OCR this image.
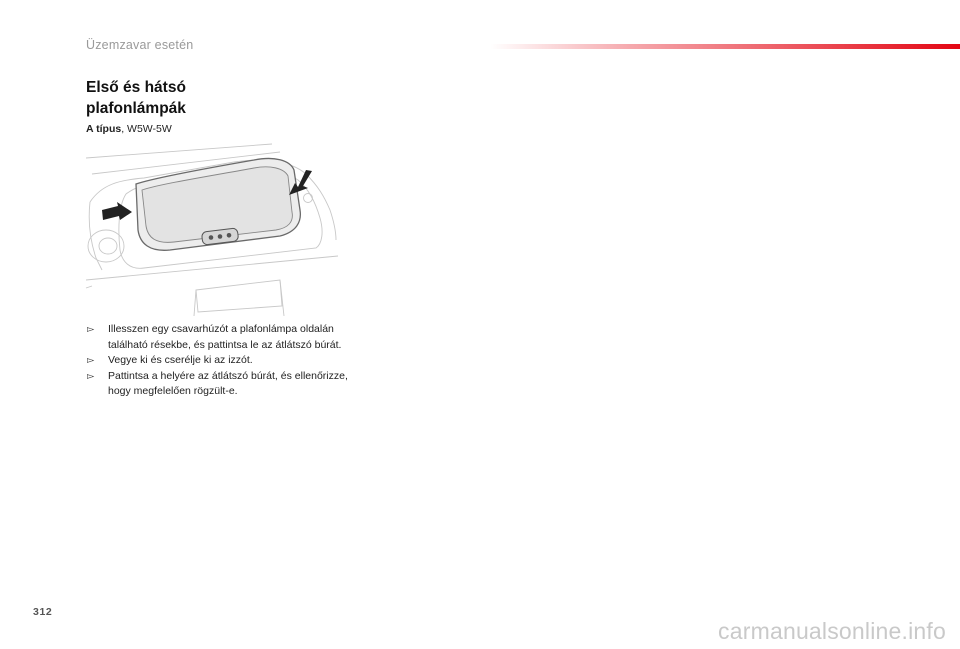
Üzemzavar esetén
Első és hátsó
plafonlámpák
A típus, W5W-5W
▻ Illesszen egy csavarhúzót a plafonlámpa oldalán található résekbe, és pattintsa le az átlátszó búrát.
▻ Vegye ki és cserélje ki az izzót.
▻ Pattintsa a helyére az átlátszó búrát, és ellenőrizze, hogy megfelelően rögzült-e.
312
carmanualsonline.info
